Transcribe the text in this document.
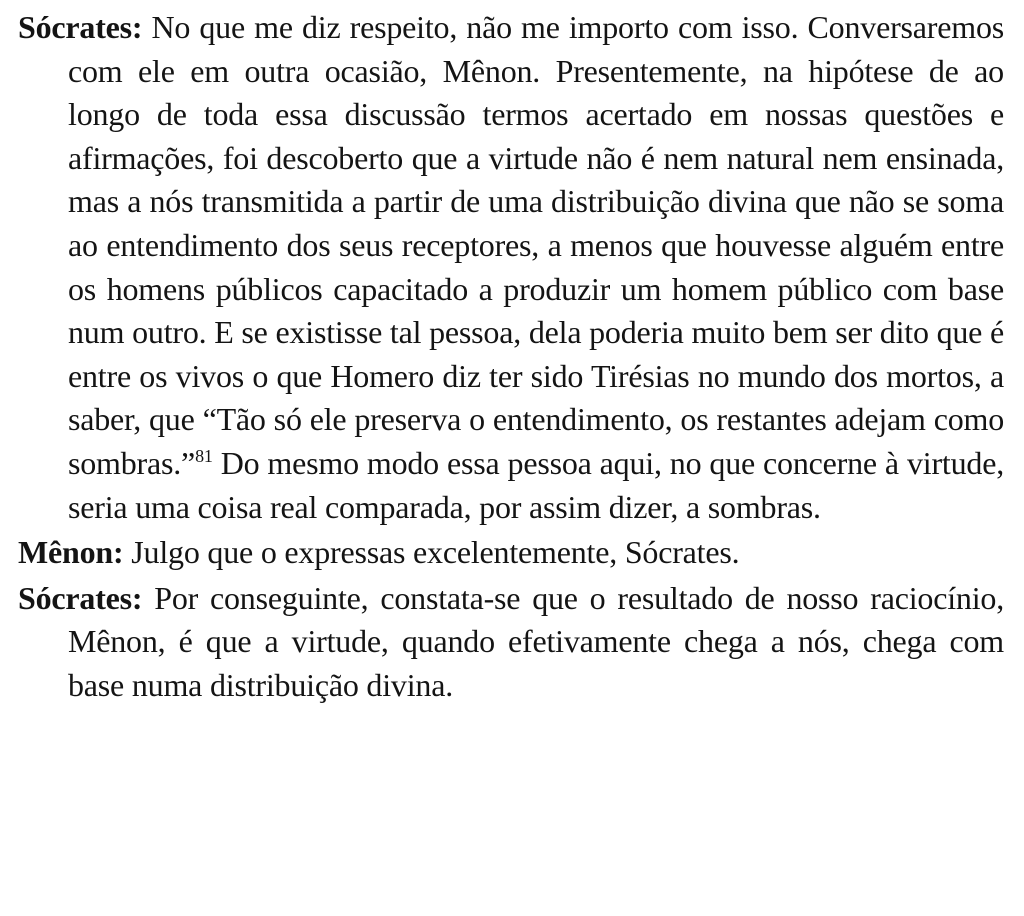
Sócrates: No que me diz respeito, não me importo com isso. Conversaremos com ele em outra ocasião, Mênon. Presentemente, na hipótese de ao longo de toda essa discussão termos acertado em nossas questões e afirmações, foi descoberto que a virtude não é nem natural nem ensinada, mas a nós transmitida a partir de uma distribuição divina que não se soma ao entendimento dos seus receptores, a menos que houvesse alguém entre os homens públicos capacitado a produzir um homem público com base num outro. E se existisse tal pessoa, dela poderia muito bem ser dito que é entre os vivos o que Homero diz ter sido Tirésias no mundo dos mortos, a saber, que “Tão só ele preserva o entendimento, os restantes adejam como sombras.”$^{81}$ Do mesmo modo essa pessoa aqui, no que concerne à virtude, seria uma coisa real comparada, por assim dizer, a sombras.

Mênon: Julgo que o expressas excelentemente, Sócrates.

Sócrates: Por conseguinte, constata-se que o resultado de nosso raciocínio, Mênon, é que a virtude, quando efetivamente chega a nós, chega com base numa distribuição divina.
